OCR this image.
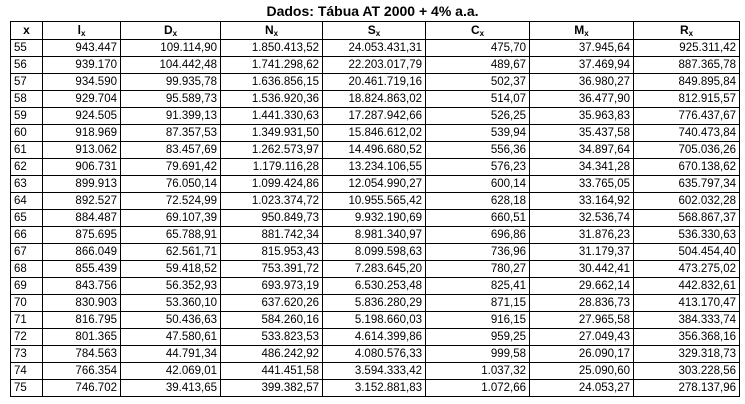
Dados: Tábua AT 2000 + 4% a.a.
x	$l_x$	$D_x$	$N_x$	$S_x$	$C_x$	$M_x$	$R_x$
55	943.447	109.114,90	1.850.413,52	24.053.431,31	475,70	37.945,64	925.311,42
56	939.170	104.442,48	1.741.298,62	22.203.017,79	489,67	37.469,94	887.365,78
57	934.590	99.935,78	1.636.856,15	20.461.719,16	502,37	36.980,27	849.895,84
58	929.704	95.589,73	1.536.920,36	18.824.863,02	514,07	36.477,90	812.915,57
59	924.505	91.399,13	1.441.330,63	17.287.942,66	526,25	35.963,83	776.437,67
60	918.969	87.357,53	1.349.931,50	15.846.612,02	539,94	35.437,58	740.473,84
61	913.062	83.457,69	1.262.573,97	14.496.680,52	556,36	34.897,64	705.036,26
62	906.731	79.691,42	1.179.116,28	13.234.106,55	576,23	34.341,28	670.138,62
63	899.913	76.050,14	1.099.424,86	12.054.990,27	600,14	33.765,05	635.797,34
64	892.527	72.524,99	1.023.374,72	10.955.565,42	628,18	33.164,92	602.032,28
65	884.487	69.107,39	950.849,73	9.932.190,69	660,51	32.536,74	568.867,37
66	875.695	65.788,91	881.742,34	8.981.340,97	696,86	31.876,23	536.330,63
67	866.049	62.561,71	815.953,43	8.099.598,63	736,96	31.179,37	504.454,40
68	855.439	59.418,52	753.391,72	7.283.645,20	780,27	30.442,41	473.275,02
69	843.756	56.352,93	693.973,19	6.530.253,48	825,41	29.662,14	442.832,61
70	830.903	53.360,10	637.620,26	5.836.280,29	871,15	28.836,73	413.170,47
71	816.795	50.436,63	584.260,16	5.198.660,03	916,15	27.965,58	384.333,74
72	801.365	47.580,61	533.823,53	4.614.399,86	959,25	27.049,43	356.368,16
73	784.563	44.791,34	486.242,92	4.080.576,33	999,58	26.090,17	329.318,73
74	766.354	42.069,01	441.451,58	3.594.333,42	1.037,32	25.090,60	303.228,56
75	746.702	39.413,65	399.382,57	3.152.881,83	1.072,66	24.053,27	278.137,96
